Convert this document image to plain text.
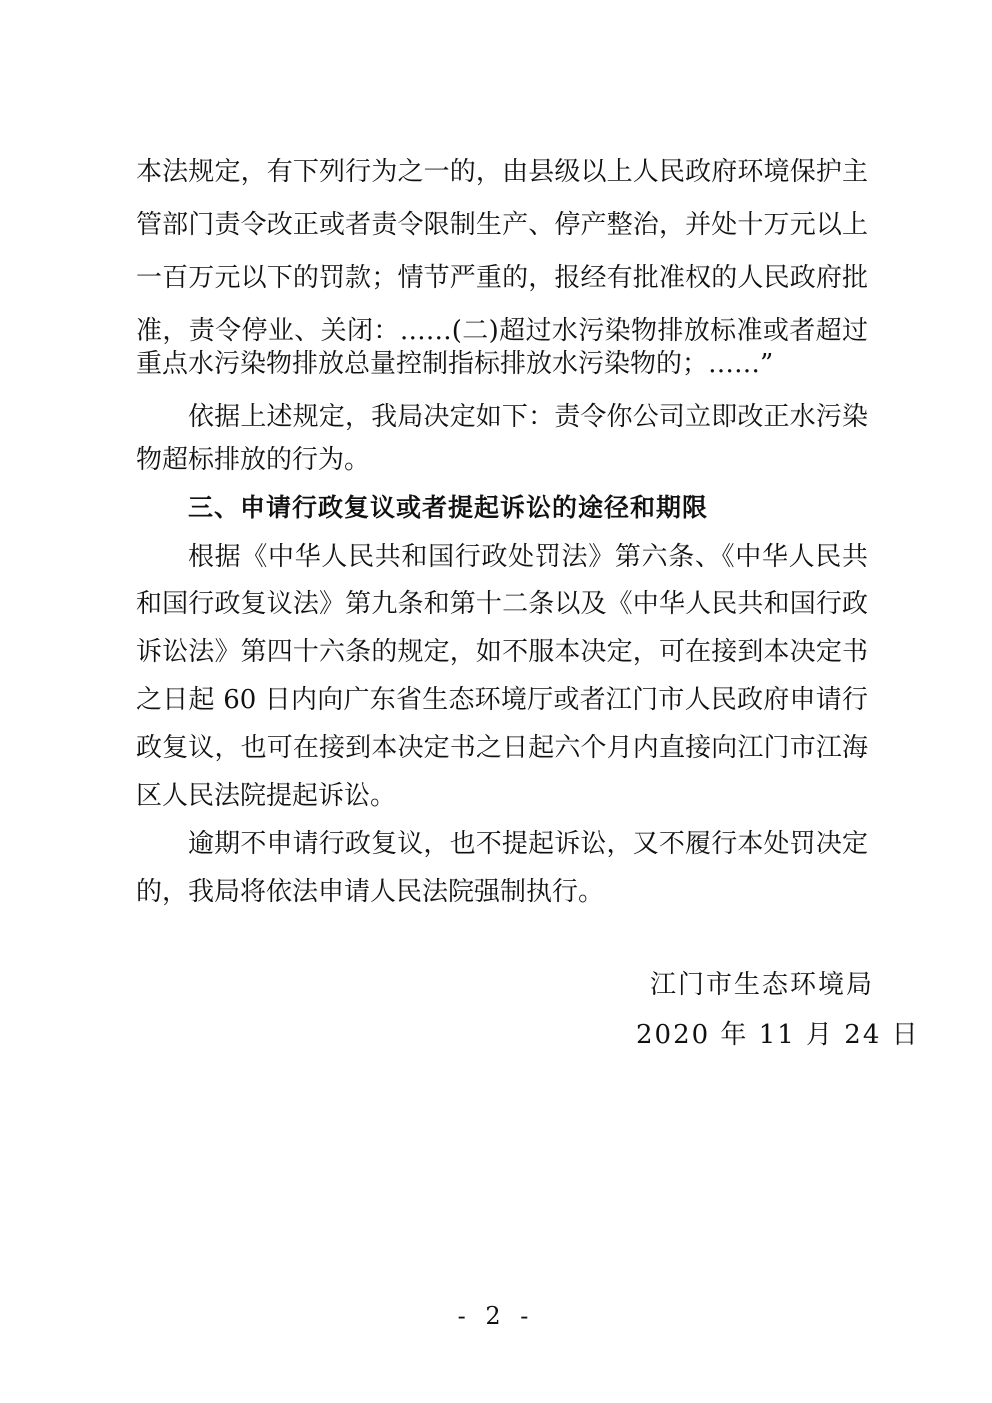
本法规定，有下列行为之一的，由县级以上人民政府环境保护主
管部门责令改正或者责令限制生产、停产整治，并处十万元以上
一百万元以下的罚款；情节严重的，报经有批准权的人民政府批
准，责令停业、关闭：……(二)超过水污染物排放标准或者超过
重点水污染物排放总量控制指标排放水污染物的；……”
依据上述规定，我局决定如下：责令你公司立即改正水污染
物超标排放的行为。
三、申请行政复议或者提起诉讼的途径和期限
根据《中华人民共和国行政处罚法》第六条、《中华人民共
和国行政复议法》第九条和第十二条以及《中华人民共和国行政
诉讼法》第四十六条的规定，如不服本决定，可在接到本决定书
之日起 60 日内向广东省生态环境厅或者江门市人民政府申请行
政复议，也可在接到本决定书之日起六个月内直接向江门市江海
区人民法院提起诉讼。
逾期不申请行政复议，也不提起诉讼，又不履行本处罚决定
的，我局将依法申请人民法院强制执行。
江门市生态环境局
2020 年 11 月 24 日
- 2 -
